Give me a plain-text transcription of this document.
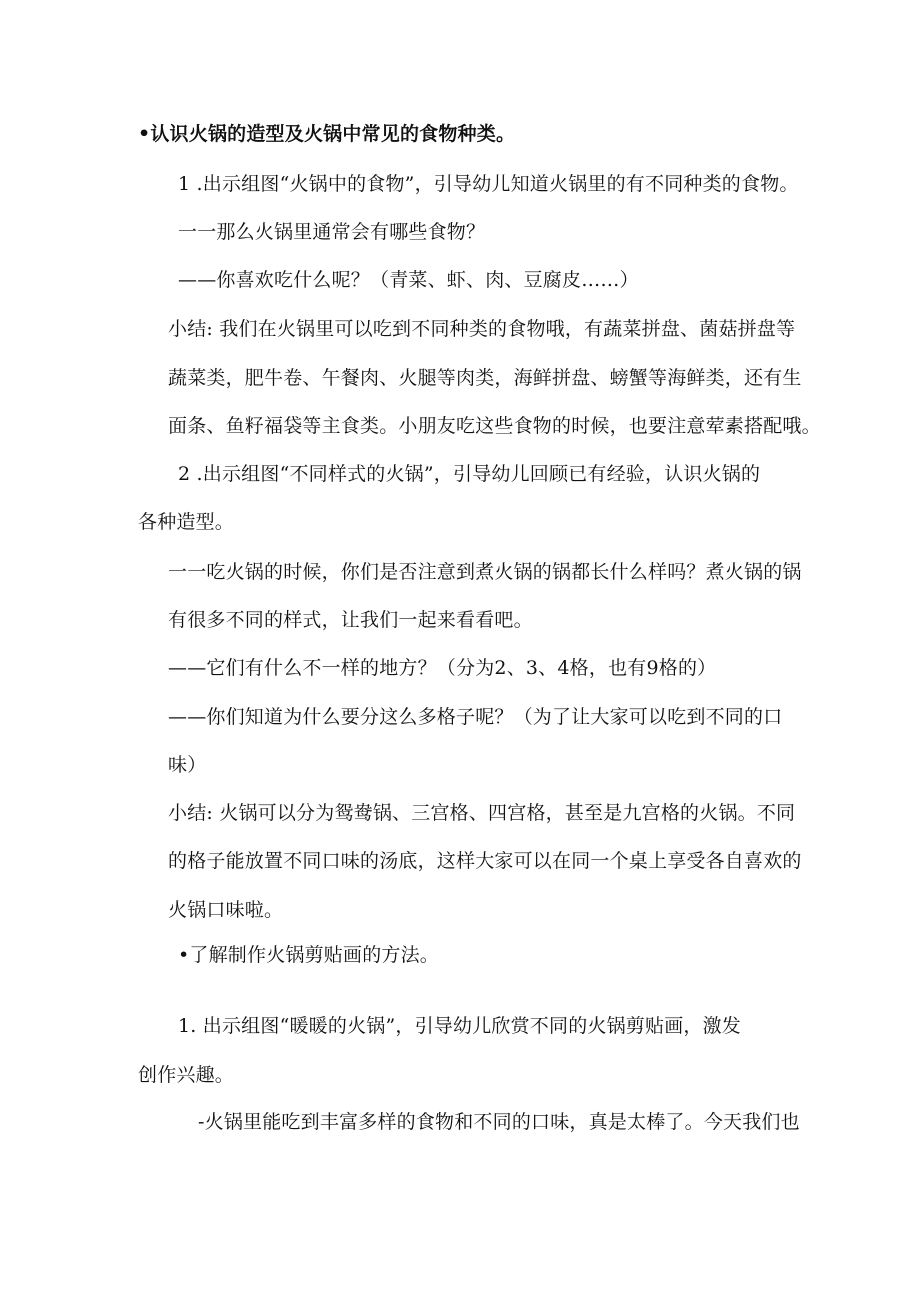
•认识火锅的造型及火锅中常见的食物种类。
1 .出示组图“火锅中的食物”，引导幼儿知道火锅里的有不同种类的食物。
一一那么火锅里通常会有哪些食物？
——你喜欢吃什么呢？（青菜、虾、肉、豆腐皮……）
小结: 我们在火锅里可以吃到不同种类的食物哦，有蔬菜拼盘、菌菇拼盘等
蔬菜类，肥牛卷、午餐肉、火腿等肉类，海鲜拼盘、螃蟹等海鲜类，还有生
面条、鱼籽福袋等主食类。小朋友吃这些食物的时候，也要注意荤素搭配哦。
2 .出示组图“不同样式的火锅”，引导幼儿回顾已有经验，认识火锅的
各种造型。
一一吃火锅的时候，你们是否注意到煮火锅的锅都长什么样吗？煮火锅的锅
有很多不同的样式，让我们一起来看看吧。
——它们有什么不一样的地方？（分为2、3、4格，也有9格的）
——你们知道为什么要分这么多格子呢？（为了让大家可以吃到不同的口
味）
小结: 火锅可以分为鸳鸯锅、三宫格、四宫格，甚至是九宫格的火锅。不同
的格子能放置不同口味的汤底，这样大家可以在同一个桌上享受各自喜欢的
火锅口味啦。
•了解制作火锅剪贴画的方法。
1. 出示组图“暖暖的火锅”，引导幼儿欣赏不同的火锅剪贴画，激发
创作兴趣。
-火锅里能吃到丰富多样的食物和不同的口味，真是太棒了。今天我们也
